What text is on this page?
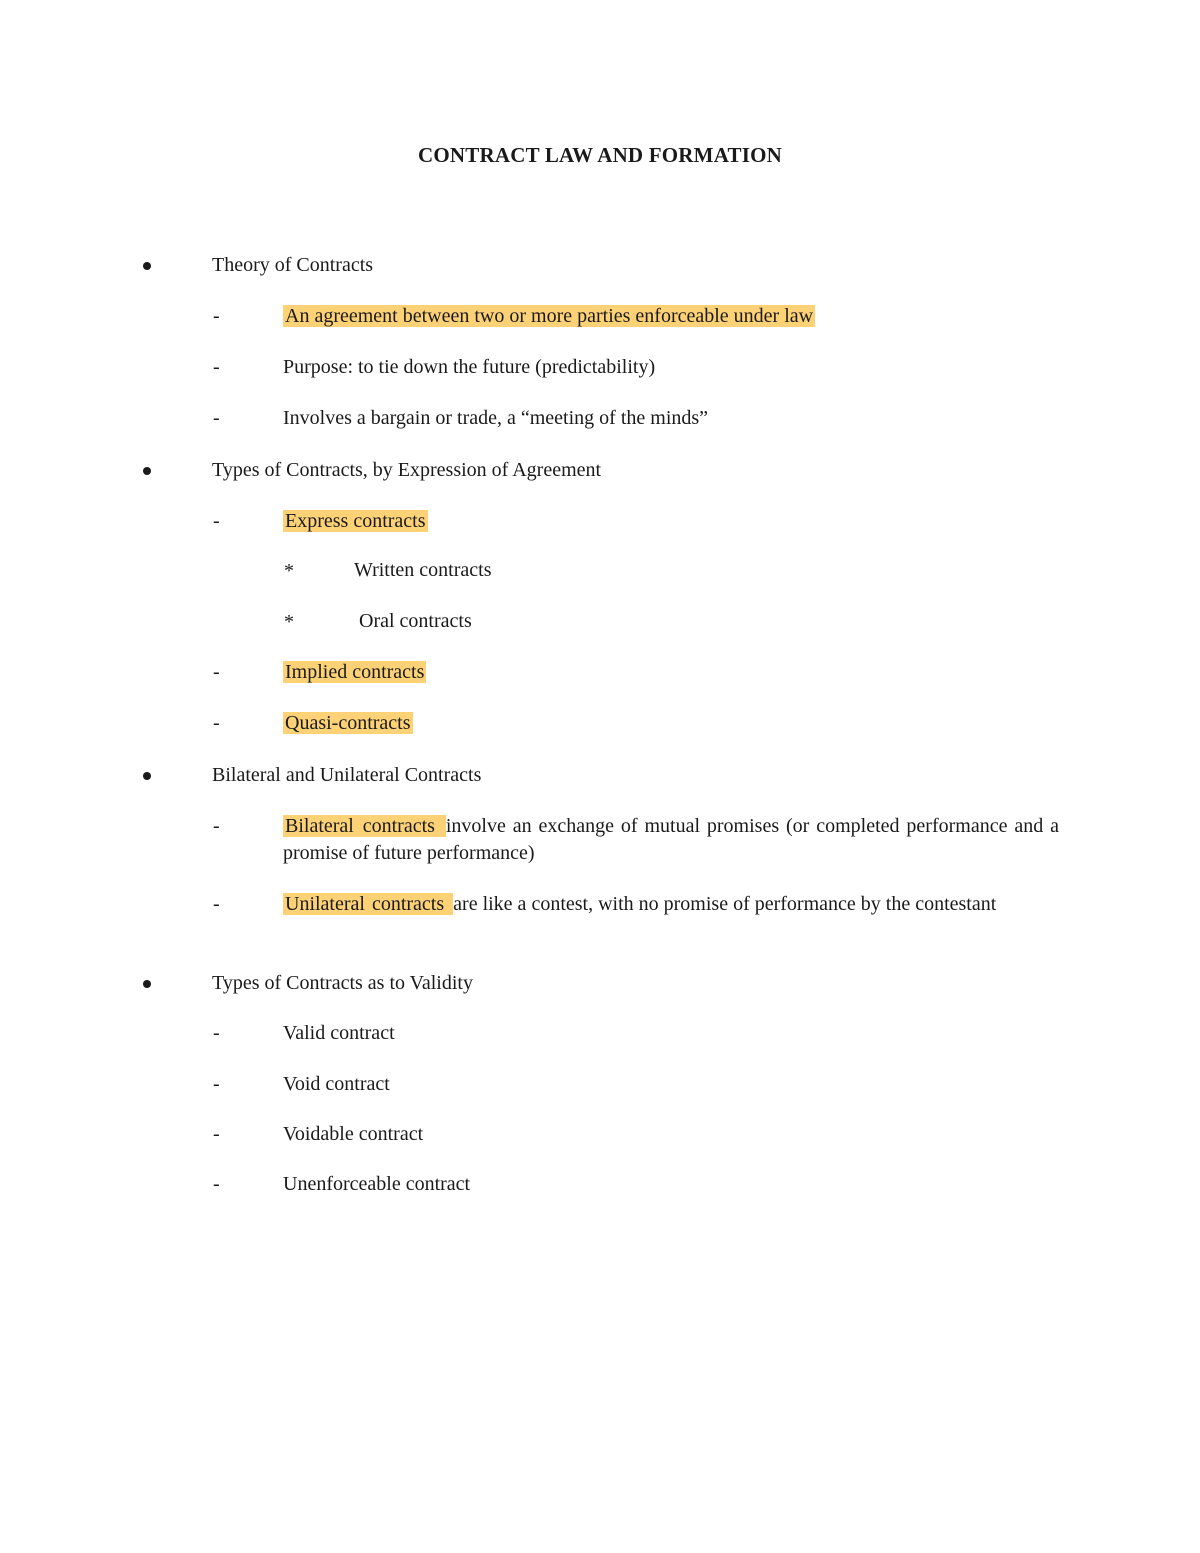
CONTRACT LAW AND FORMATION
Theory of Contracts
-	An agreement between two or more parties enforceable under law
-	Purpose: to tie down the future (predictability)
-	Involves a bargain or trade, a “meeting of the minds”
Types of Contracts, by Expression of Agreement
-	Express contracts
*	Written contracts
*	Oral contracts
-	Implied contracts
-	Quasi-contracts
Bilateral and Unilateral Contracts
-	Bilateral contracts involve an exchange of mutual promises (or completed performance and a promise of future performance)
-	Unilateral contracts are like a contest, with no promise of performance by the contestant
Types of Contracts as to Validity
-	Valid contract
-	Void contract
-	Voidable contract
-	Unenforceable contract
